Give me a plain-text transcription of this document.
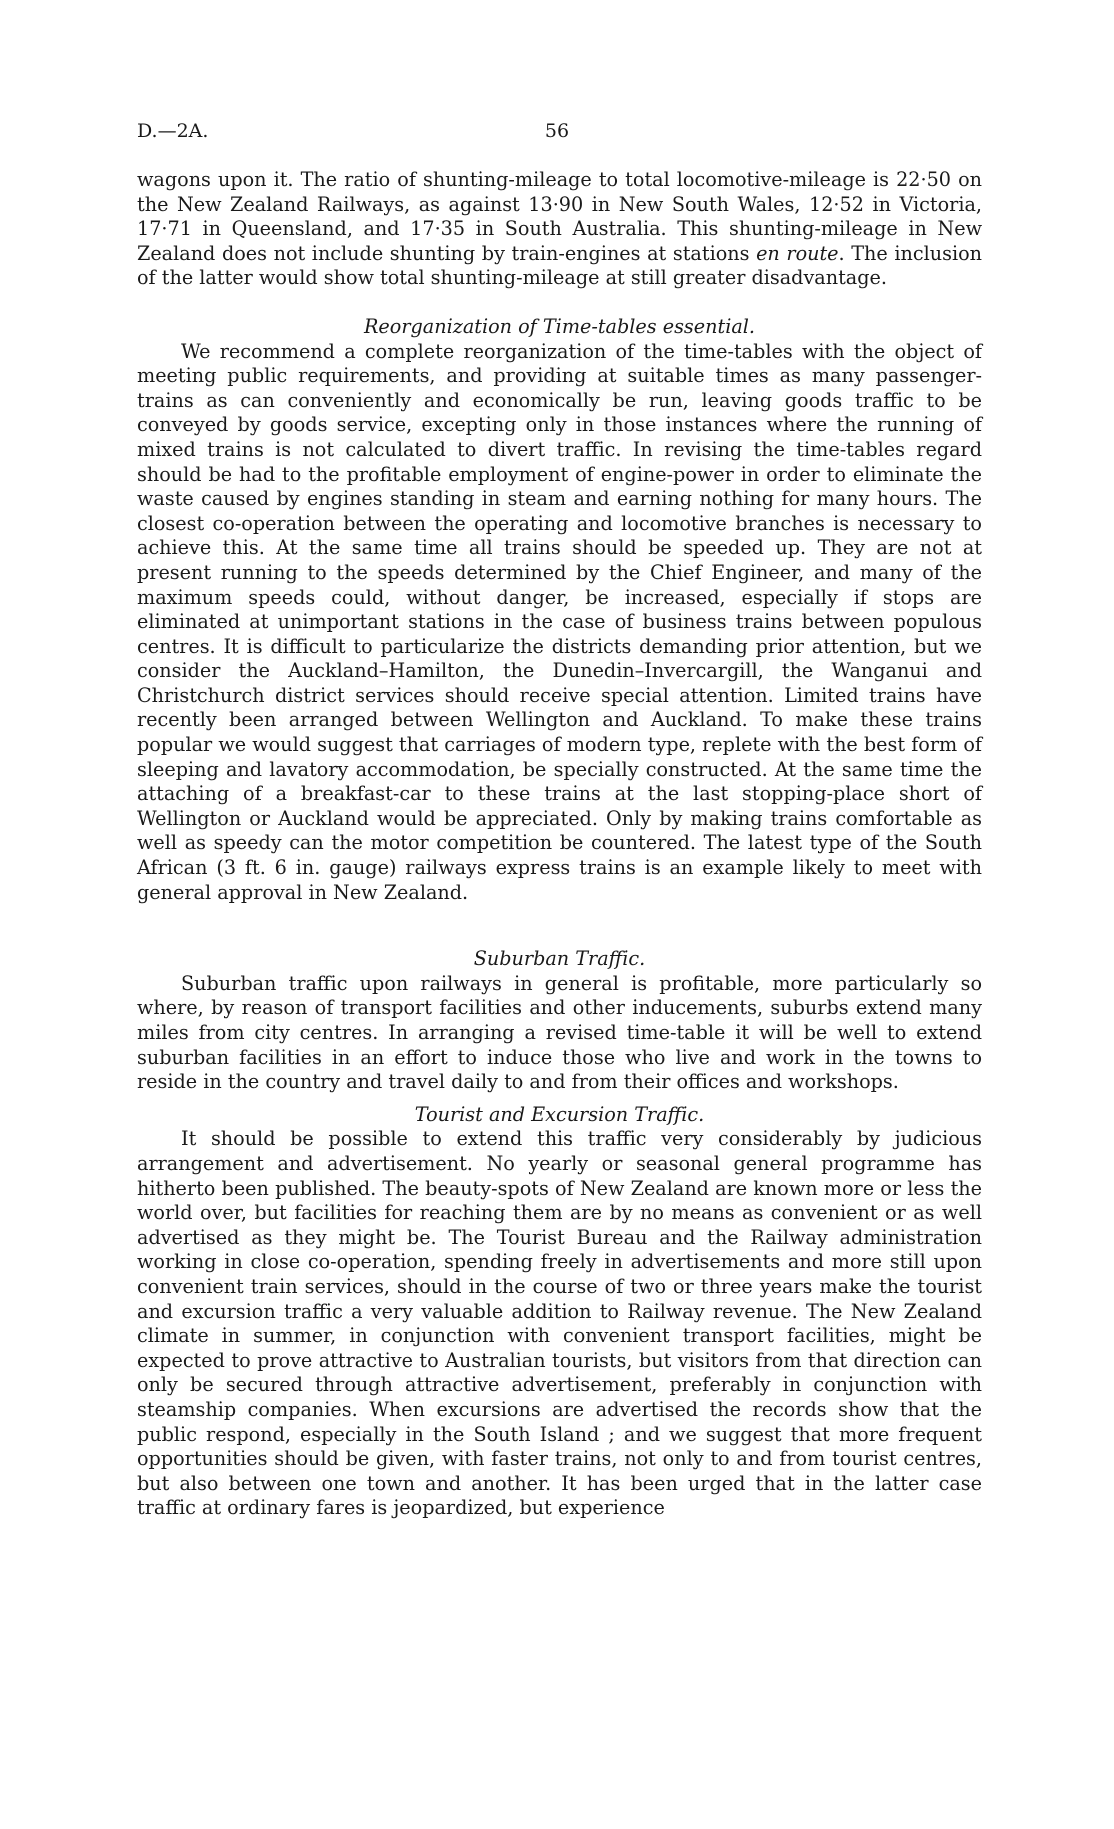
D.—2A.	56

wagons upon it. The ratio of shunting-mileage to total locomotive-mileage is 22·50 on the New Zealand Railways, as against 13·90 in New South Wales, 12·52 in Victoria, 17·71 in Queensland, and 17·35 in South Australia. This shunting-mileage in New Zealand does not include shunting by train-engines at stations en route. The inclusion of the latter would show total shunting-mileage at still greater disadvantage.

Reorganization of Time-tables essential.

We recommend a complete reorganization of the time-tables with the object of meeting public requirements, and providing at suitable times as many passenger-trains as can conveniently and economically be run, leaving goods traffic to be conveyed by goods service, excepting only in those instances where the running of mixed trains is not calculated to divert traffic. In revising the time-tables regard should be had to the profitable employment of engine-power in order to eliminate the waste caused by engines standing in steam and earning nothing for many hours. The closest co-operation between the operating and locomotive branches is necessary to achieve this. At the same time all trains should be speeded up. They are not at present running to the speeds determined by the Chief Engineer, and many of the maximum speeds could, without danger, be increased, especially if stops are eliminated at unimportant stations in the case of business trains between populous centres. It is difficult to particularize the districts demanding prior attention, but we consider the Auckland–Hamilton, the Dunedin–Invercargill, the Wanganui and Christchurch district services should receive special attention. Limited trains have recently been arranged between Wellington and Auckland. To make these trains popular we would suggest that carriages of modern type, replete with the best form of sleeping and lavatory accommodation, be specially constructed. At the same time the attaching of a breakfast-car to these trains at the last stopping-place short of Wellington or Auckland would be appreciated. Only by making trains comfortable as well as speedy can the motor competition be countered. The latest type of the South African (3 ft. 6 in. gauge) railways express trains is an example likely to meet with general approval in New Zealand.

Suburban Traffic.

Suburban traffic upon railways in general is profitable, more particularly so where, by reason of transport facilities and other inducements, suburbs extend many miles from city centres. In arranging a revised time-table it will be well to extend suburban facilities in an effort to induce those who live and work in the towns to reside in the country and travel daily to and from their offices and workshops.

Tourist and Excursion Traffic.

It should be possible to extend this traffic very considerably by judicious arrangement and advertisement. No yearly or seasonal general programme has hitherto been published. The beauty-spots of New Zealand are known more or less the world over, but facilities for reaching them are by no means as convenient or as well advertised as they might be. The Tourist Bureau and the Railway administration working in close co-operation, spending freely in advertisements and more still upon convenient train services, should in the course of two or three years make the tourist and excursion traffic a very valuable addition to Railway revenue. The New Zealand climate in summer, in conjunction with convenient transport facilities, might be expected to prove attractive to Australian tourists, but visitors from that direction can only be secured through attractive advertisement, preferably in conjunction with steamship companies. When excursions are advertised the records show that the public respond, especially in the South Island ; and we suggest that more frequent opportunities should be given, with faster trains, not only to and from tourist centres, but also between one town and another. It has been urged that in the latter case traffic at ordinary fares is jeopardized, but experience
